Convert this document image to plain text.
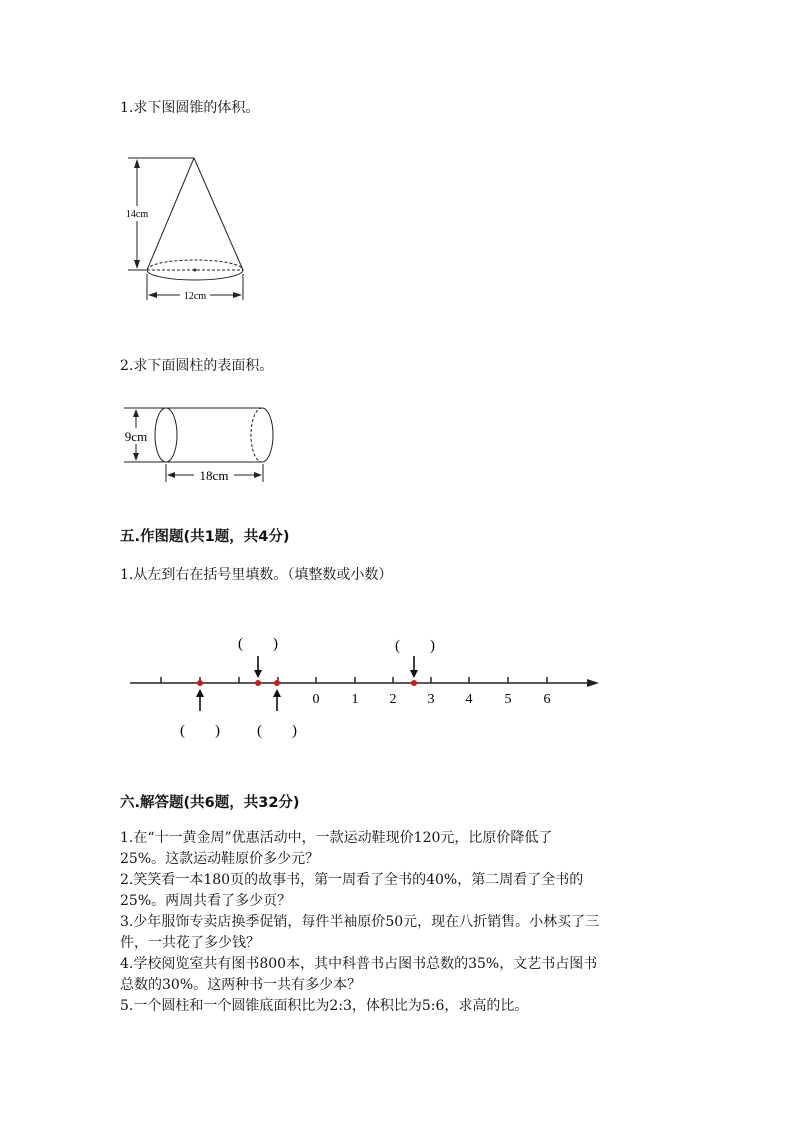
1.求下图圆锥的体积。
14cm
12cm
2.求下面圆柱的表面积。
9cm
18cm
五.作图题(共1题，共4分)
1.从左到右在括号里填数。（填整数或小数）
0 1 2 3 4 5 6
(　　)	(　　)
(　　) (　　)
六.解答题(共6题，共32分)
1.在“十一黄金周”优惠活动中，一款运动鞋现价120元，比原价降低了
25%。这款运动鞋原价多少元？
2.笑笑看一本180页的故事书，第一周看了全书的40%，第二周看了全书的
25%。两周共看了多少页？
3.少年服饰专卖店换季促销，每件半袖原价50元，现在八折销售。小林买了三
件，一共花了多少钱？
4.学校阅览室共有图书800本，其中科普书占图书总数的35%，文艺书占图书
总数的30%。这两种书一共有多少本？
5.一个圆柱和一个圆锥底面积比为2:3，体积比为5:6，求高的比。
